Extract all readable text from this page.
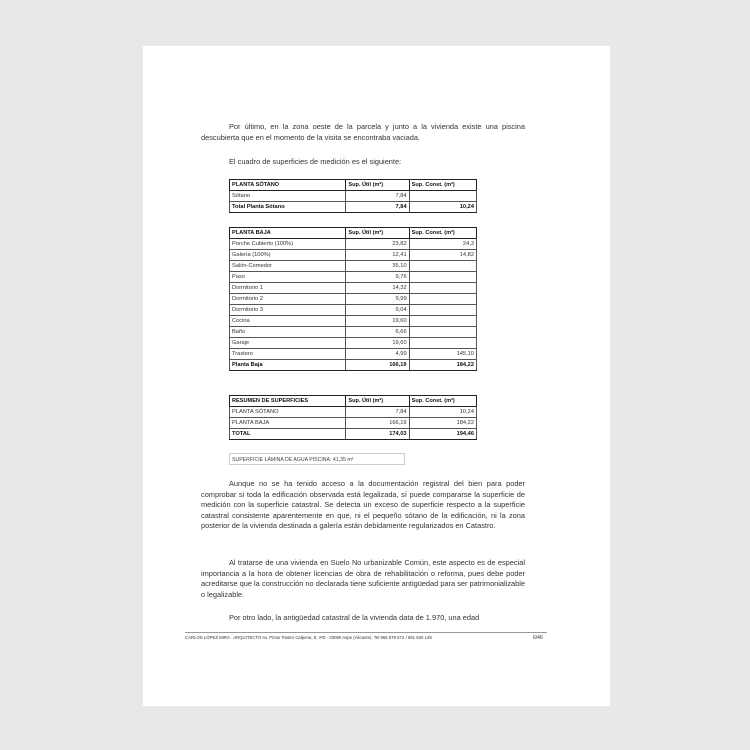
Por último, en la zona oeste de la parcela y junto a la vivienda existe una piscina descubierta que en el momento de la visita se encontraba vaciada.

El cuadro de superficies de medición es el siguiente:
PLANTA SÓTANO	Sup. Útil (m²)	Sup. Const. (m²)
Sótano	7,84	
Total Planta Sótano	7,84	10,24
PLANTA BAJA	Sup. Útil (m²)	Sup. Const. (m²)
Porche Cubierto (100%)	23,82	24,3
Galería (100%)	12,41	14,82
Salón-Comedor	35,10	
Paso	9,76	
Dormitorio 1	14,32	
Dormitorio 2	9,99	
Dormitorio 3	9,04	
Cocina	19,60	
Baño	6,66	
Garaje	19,60	
Trastero	4,99	145,10
Planta Baja	166,19	184,22
RESUMEN DE SUPERFICIES	Sup. Útil (m²)	Sup. Const. (m²)
PLANTA SÓTANO	7,84	10,24
PLANTA BAJA	166,19	184,22
TOTAL	174,03	194,46
SUPERFICIE LÁMINA DE AGUA PISCINA: 41,35 m²

Aunque no se ha tenido acceso a la documentación registral del bien para poder comprobar si toda la edificación observada está legalizada, sí puede compararse la superficie de medición con la superficie catastral. Se detecta un exceso de superficie respecto a la superficie catastral consistente aparentemente en que, ni el pequeño sótano de la edificación, ni la zona posterior de la vivienda destinada a galería están debidamente regularizados en Catastro.

Al tratarse de una vivienda en Suelo No urbanizable Común, este aspecto es de especial importancia a la hora de obtener licencias de obra de rehabilitación o reforma, pues debe poder acreditarse que la construcción no declarada tiene suficiente antigüedad para ser patrimonializable o legalizable.

Por otro lado, la antigüedad catastral de la vivienda data de 1.970, una edad

CARLOS LÓPEZ MIRA · ARQUITECTO Av. Pintor Pastor Calpena, 9, 3ºD · 03090 Aspe (Alicante). Tel 965 579 572 / 661 630 149	6/46
